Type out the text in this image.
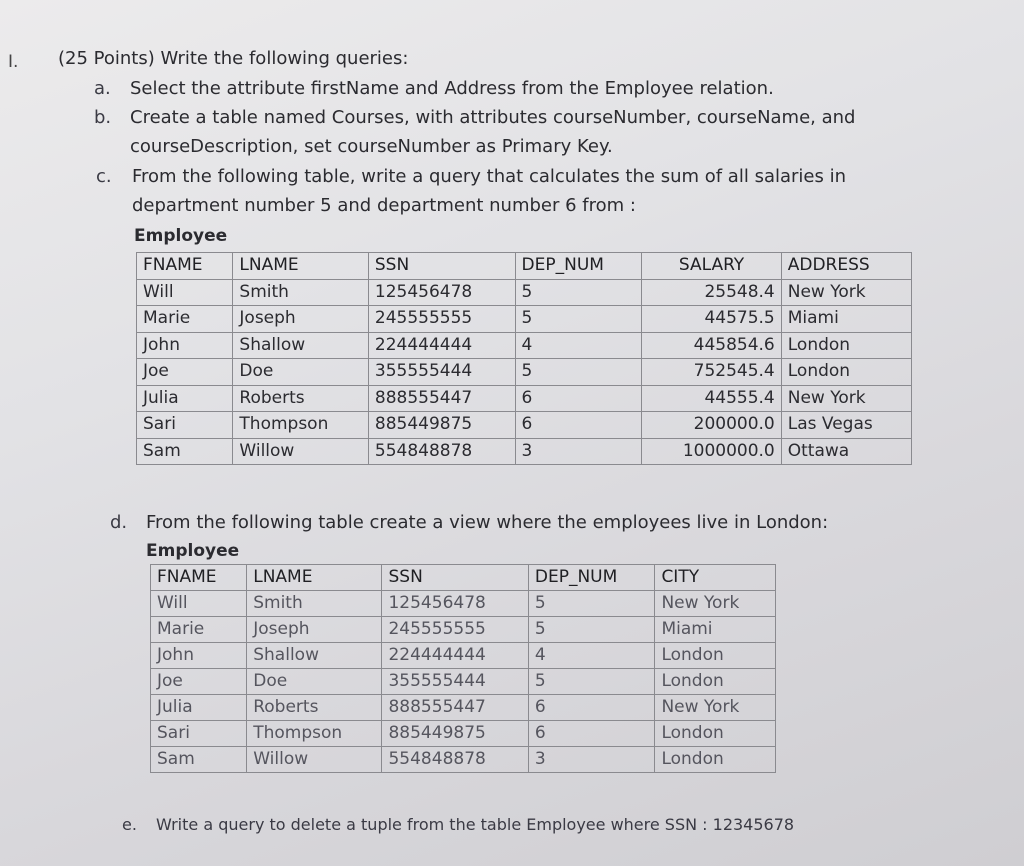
I. (25 Points) Write the following queries:
a. Select the attribute firstName and Address from the Employee relation.
b. Create a table named Courses, with attributes courseNumber, courseName, and
courseDescription, set courseNumber as Primary Key.
c. From the following table, write a query that calculates the sum of all salaries in
department number 5 and department number 6 from :
Employee
FNAME	LNAME	SSN	DEP_NUM	SALARY	ADDRESS
Will	Smith	125456478	5	25548.4	New York
Marie	Joseph	245555555	5	44575.5	Miami
John	Shallow	224444444	4	445854.6	London
Joe	Doe	355555444	5	752545.4	London
Julia	Roberts	888555447	6	44555.4	New York
Sari	Thompson	885449875	6	200000.0	Las Vegas
Sam	Willow	554848878	3	1000000.0	Ottawa
d. From the following table create a view where the employees live in London:
Employee
FNAME	LNAME	SSN	DEP_NUM	CITY
Will	Smith	125456478	5	New York
Marie	Joseph	245555555	5	Miami
John	Shallow	224444444	4	London
Joe	Doe	355555444	5	London
Julia	Roberts	888555447	6	New York
Sari	Thompson	885449875	6	London
Sam	Willow	554848878	3	London
e. Write a query to delete a tuple from the table Employee where SSN : 12345678
